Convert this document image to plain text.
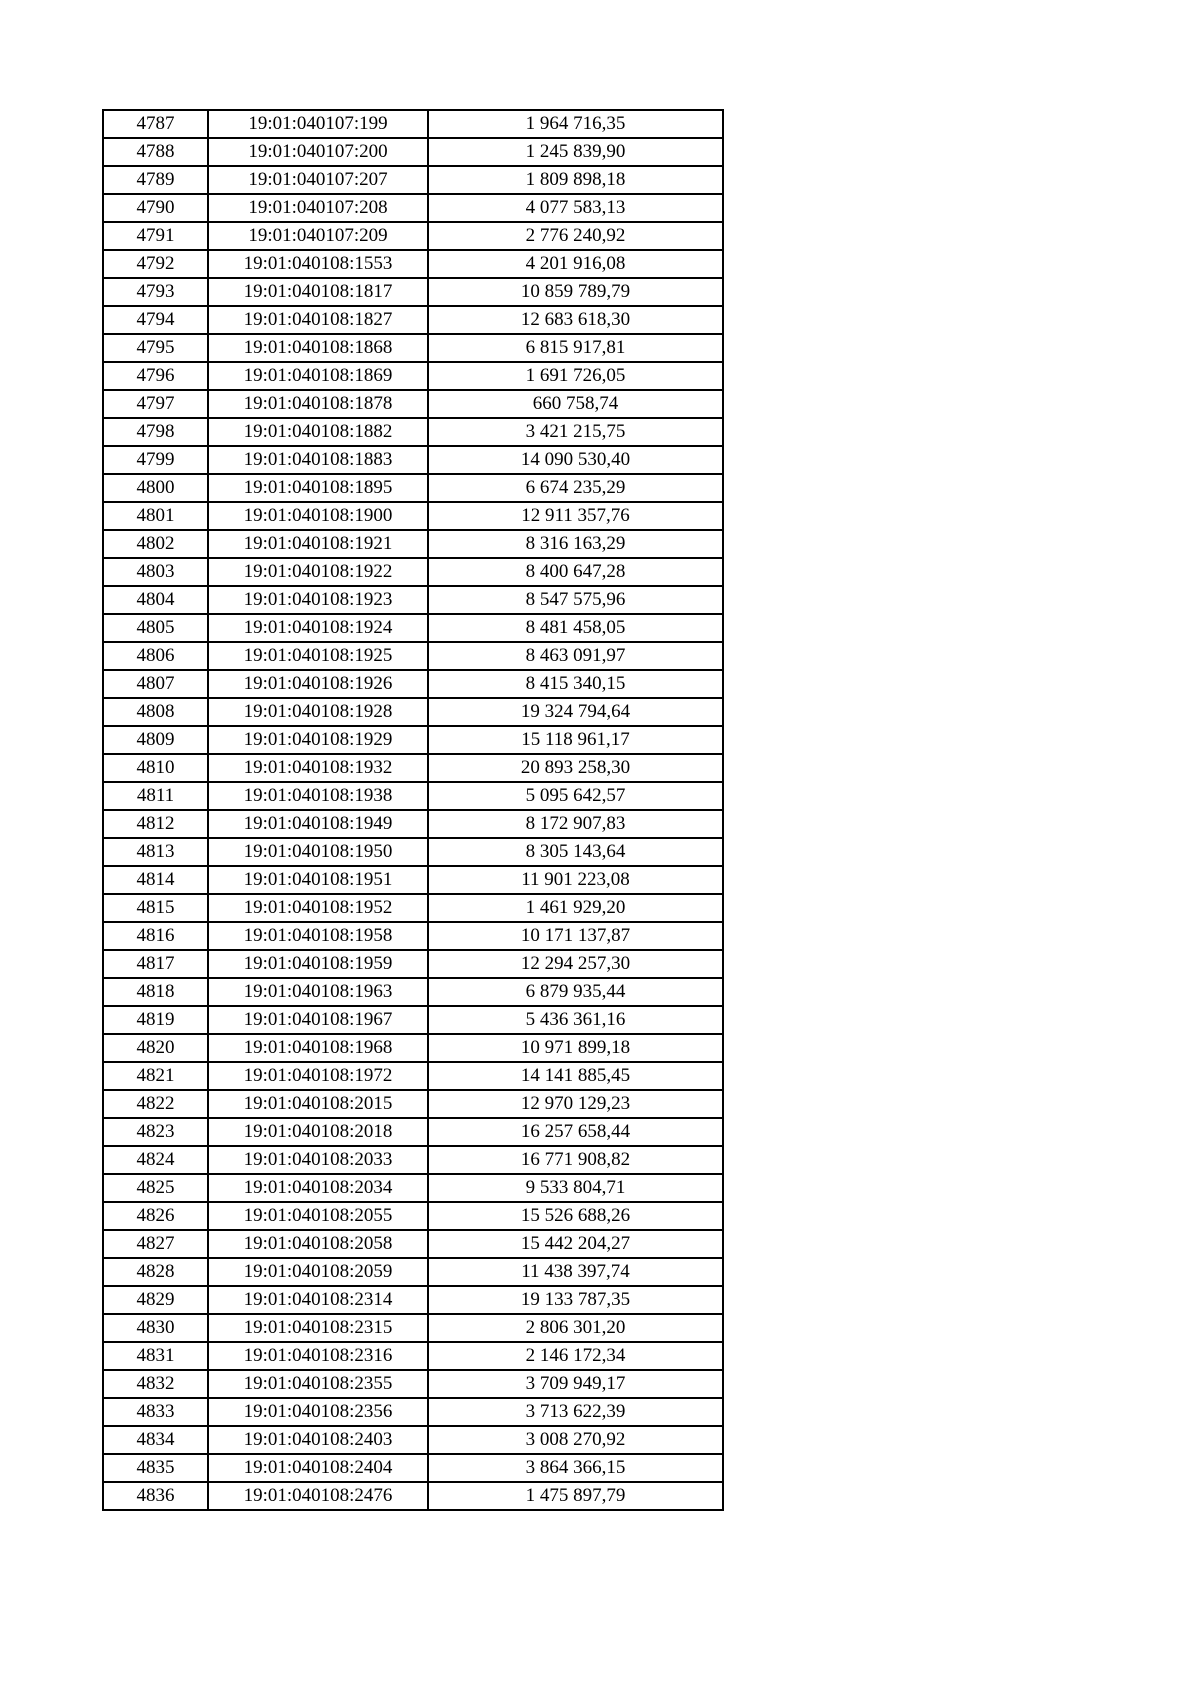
4787	19:01:040107:199	1 964 716,35
4788	19:01:040107:200	1 245 839,90
4789	19:01:040107:207	1 809 898,18
4790	19:01:040107:208	4 077 583,13
4791	19:01:040107:209	2 776 240,92
4792	19:01:040108:1553	4 201 916,08
4793	19:01:040108:1817	10 859 789,79
4794	19:01:040108:1827	12 683 618,30
4795	19:01:040108:1868	6 815 917,81
4796	19:01:040108:1869	1 691 726,05
4797	19:01:040108:1878	660 758,74
4798	19:01:040108:1882	3 421 215,75
4799	19:01:040108:1883	14 090 530,40
4800	19:01:040108:1895	6 674 235,29
4801	19:01:040108:1900	12 911 357,76
4802	19:01:040108:1921	8 316 163,29
4803	19:01:040108:1922	8 400 647,28
4804	19:01:040108:1923	8 547 575,96
4805	19:01:040108:1924	8 481 458,05
4806	19:01:040108:1925	8 463 091,97
4807	19:01:040108:1926	8 415 340,15
4808	19:01:040108:1928	19 324 794,64
4809	19:01:040108:1929	15 118 961,17
4810	19:01:040108:1932	20 893 258,30
4811	19:01:040108:1938	5 095 642,57
4812	19:01:040108:1949	8 172 907,83
4813	19:01:040108:1950	8 305 143,64
4814	19:01:040108:1951	11 901 223,08
4815	19:01:040108:1952	1 461 929,20
4816	19:01:040108:1958	10 171 137,87
4817	19:01:040108:1959	12 294 257,30
4818	19:01:040108:1963	6 879 935,44
4819	19:01:040108:1967	5 436 361,16
4820	19:01:040108:1968	10 971 899,18
4821	19:01:040108:1972	14 141 885,45
4822	19:01:040108:2015	12 970 129,23
4823	19:01:040108:2018	16 257 658,44
4824	19:01:040108:2033	16 771 908,82
4825	19:01:040108:2034	9 533 804,71
4826	19:01:040108:2055	15 526 688,26
4827	19:01:040108:2058	15 442 204,27
4828	19:01:040108:2059	11 438 397,74
4829	19:01:040108:2314	19 133 787,35
4830	19:01:040108:2315	2 806 301,20
4831	19:01:040108:2316	2 146 172,34
4832	19:01:040108:2355	3 709 949,17
4833	19:01:040108:2356	3 713 622,39
4834	19:01:040108:2403	3 008 270,92
4835	19:01:040108:2404	3 864 366,15
4836	19:01:040108:2476	1 475 897,79
